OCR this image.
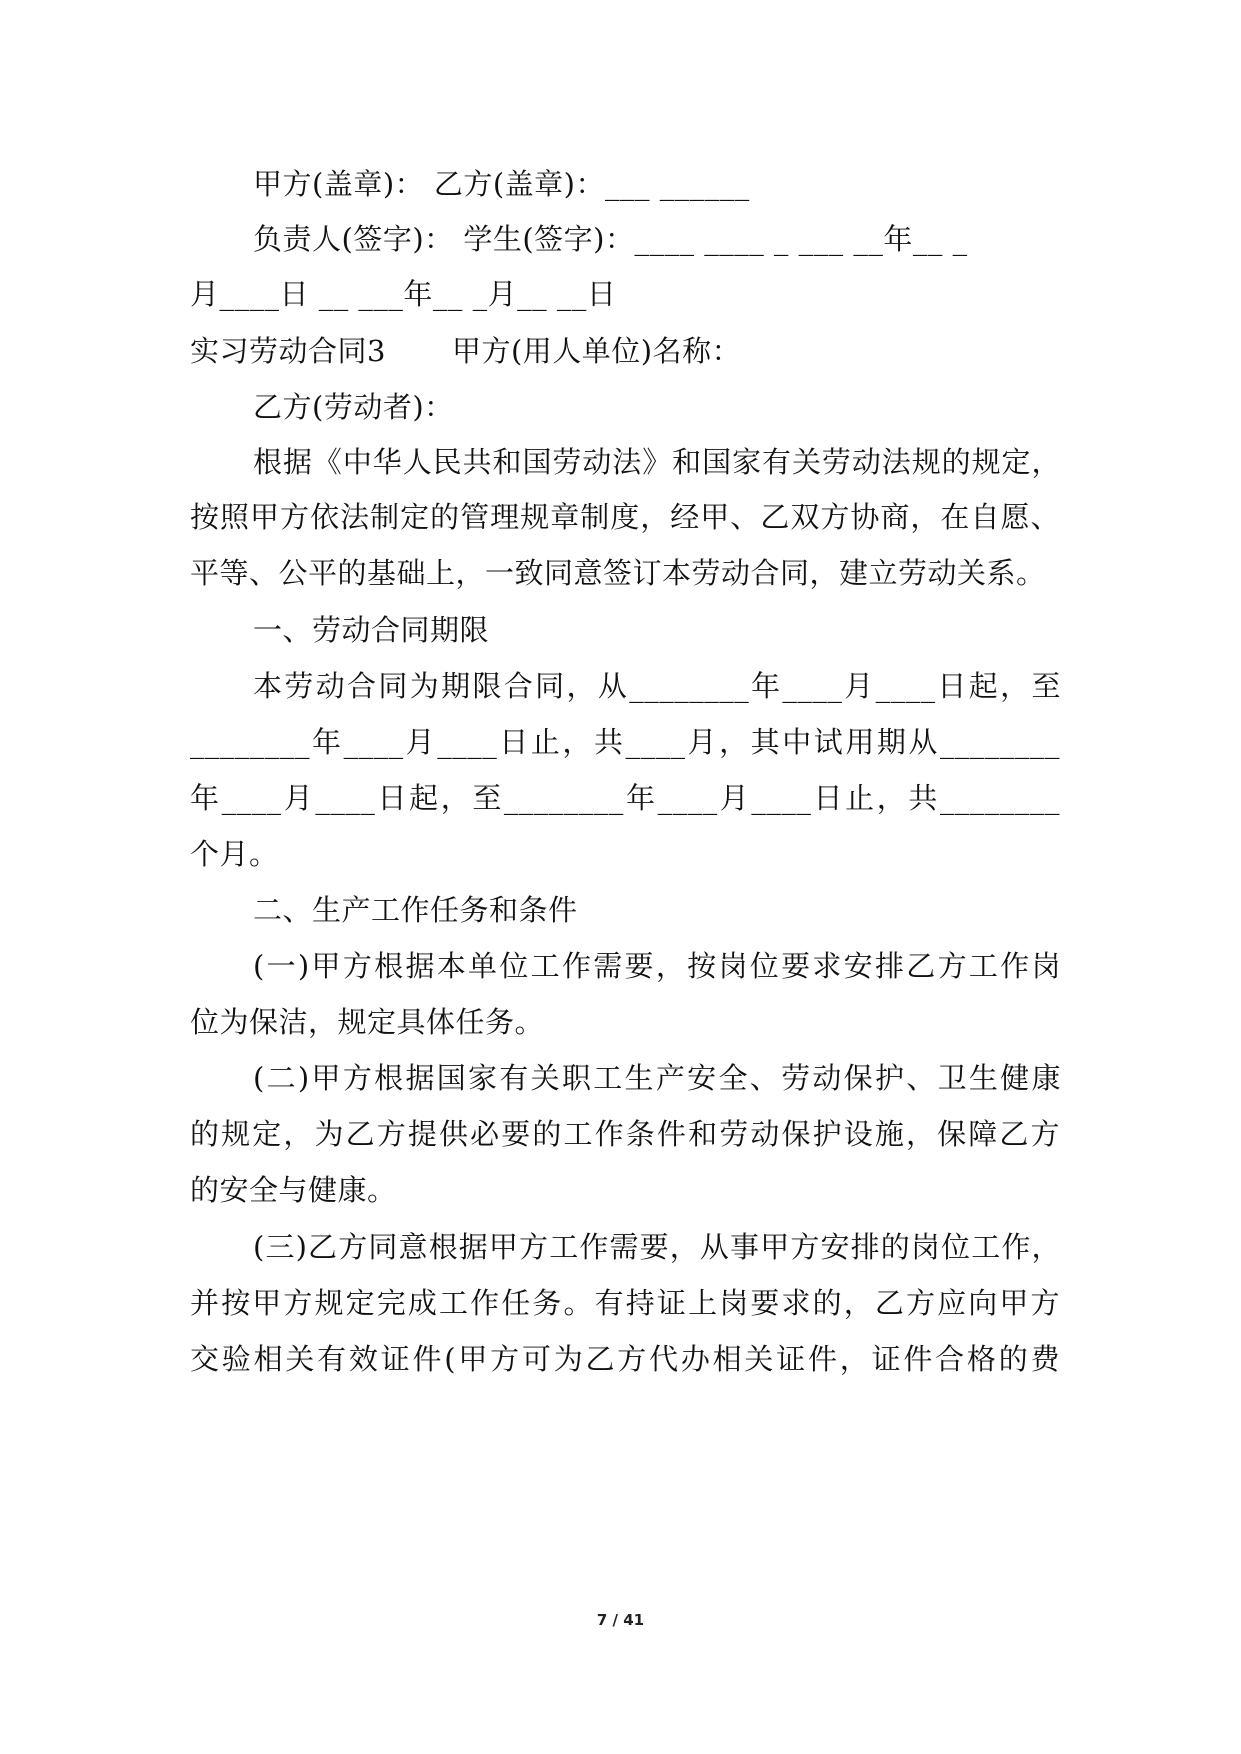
甲方(盖章)： 乙方(盖章)：___ ______
负责人(签字)： 学生(签字)：____ ____ _ ___ __年__ _
月____日 __ ___年__ _月__ __日
实习劳动合同3 甲方(用人单位)名称：
乙方(劳动者)：
根据《中华人民共和国劳动法》和国家有关劳动法规的规定，
按照甲方依法制定的管理规章制度，经甲、乙双方协商，在自愿、
平等、公平的基础上，一致同意签订本劳动合同，建立劳动关系。
一、劳动合同期限
本劳动合同为期限合同，从________年____月____日起，至
________年____月____日止，共____月，其中试用期从________
年____月____日起，至________年____月____日止，共________
个月。
二、生产工作任务和条件
(一)甲方根据本单位工作需要，按岗位要求安排乙方工作岗
位为保洁，规定具体任务。
(二)甲方根据国家有关职工生产安全、劳动保护、卫生健康
的规定，为乙方提供必要的工作条件和劳动保护设施，保障乙方
的安全与健康。
(三)乙方同意根据甲方工作需要，从事甲方安排的岗位工作，
并按甲方规定完成工作任务。有持证上岗要求的，乙方应向甲方
交验相关有效证件(甲方可为乙方代办相关证件，证件合格的费
7 / 41
